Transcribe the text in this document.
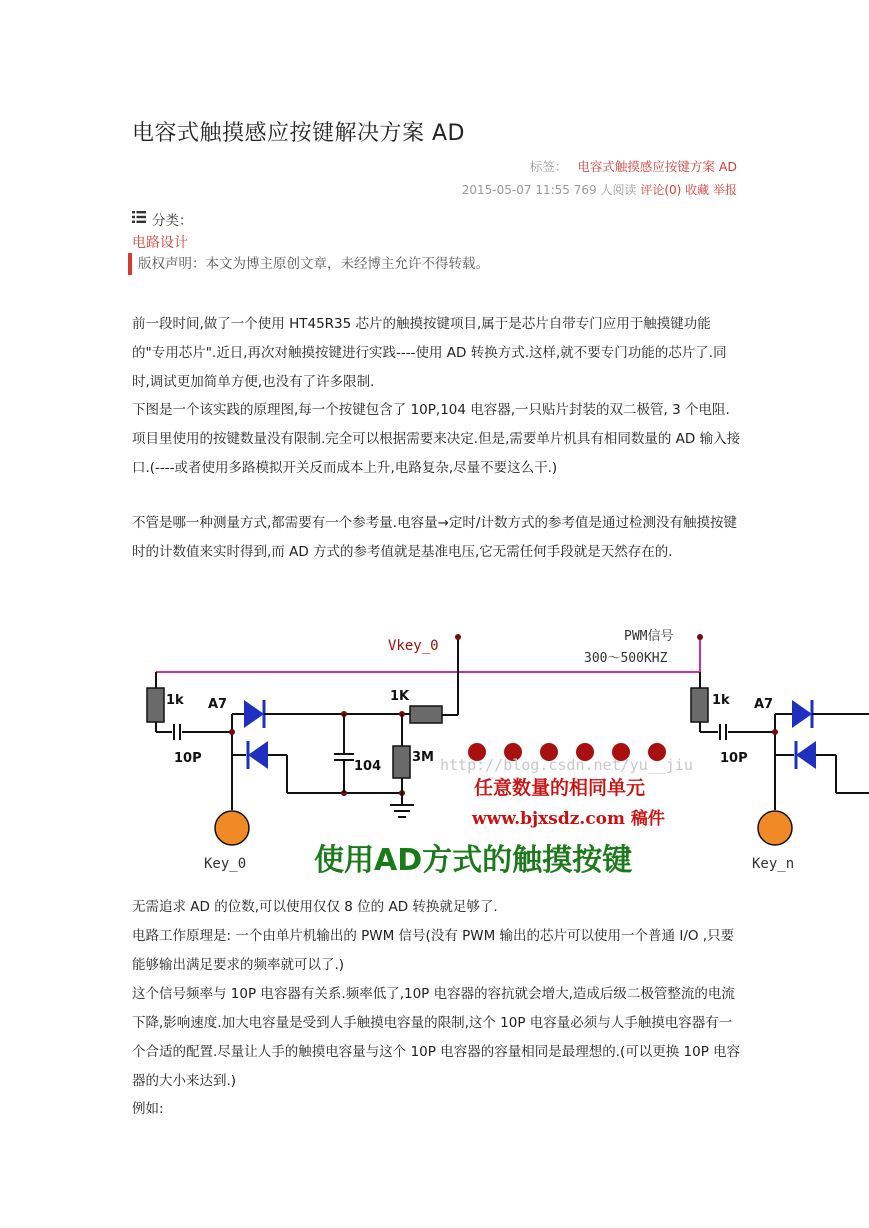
电容式触摸感应按键解决方案 AD
标签： 电容式触摸感应按键方案 AD
2015-05-07 11:55 769 人阅读 评论(0) 收藏 举报
分类：
电路设计
版权声明：本文为博主原创文章，未经博主允许不得转载。

前一段时间,做了一个使用 HT45R35 芯片的触摸按键项目,属于是芯片自带专门应用于触摸键功能的"专用芯片".近日,再次对触摸按键进行实践----使用 AD 转换方式.这样,就不要专门功能的芯片了.同时,调试更加简单方便,也没有了许多限制.

下图是一个该实践的原理图,每一个按键包含了 10P,104 电容器,一只贴片封装的双二极管, 3 个电阻.项目里使用的按键数量没有限制.完全可以根据需要来决定.但是,需要单片机具有相同数量的 AD 输入接口.(----或者使用多路模拟开关反而成本上升,电路复杂,尽量不要这么干.)

不管是哪一种测量方式,都需要有一个参考量.电容量→定时/计数方式的参考值是通过检测没有触摸按键时的计数值来实时得到,而 AD 方式的参考值就是基准电压,它无需任何手段就是天然存在的.

Vkey_0
PWM信号
300～500KHZ
1k A7
10P
1K
104
3M
Key_0
1k A7
10P
Key_n
http://blog.csdn.net/yu__jiu
任意数量的相同单元
www.bjxsdz.com 稿件
使用AD方式的触摸按键

无需追求 AD 的位数,可以使用仅仅 8 位的 AD 转换就足够了.

电路工作原理是: 一个由单片机输出的 PWM 信号(没有 PWM 输出的芯片可以使用一个普通 I/O ,只要能够输出满足要求的频率就可以了.)

这个信号频率与 10P 电容器有关系.频率低了,10P 电容器的容抗就会增大,造成后级二极管整流的电流下降,影响速度.加大电容量是受到人手触摸电容量的限制,这个 10P 电容量必须与人手触摸电容器有一个合适的配置.尽量让人手的触摸电容量与这个 10P 电容器的容量相同是最理想的.(可以更换 10P 电容器的大小来达到.)

例如:
